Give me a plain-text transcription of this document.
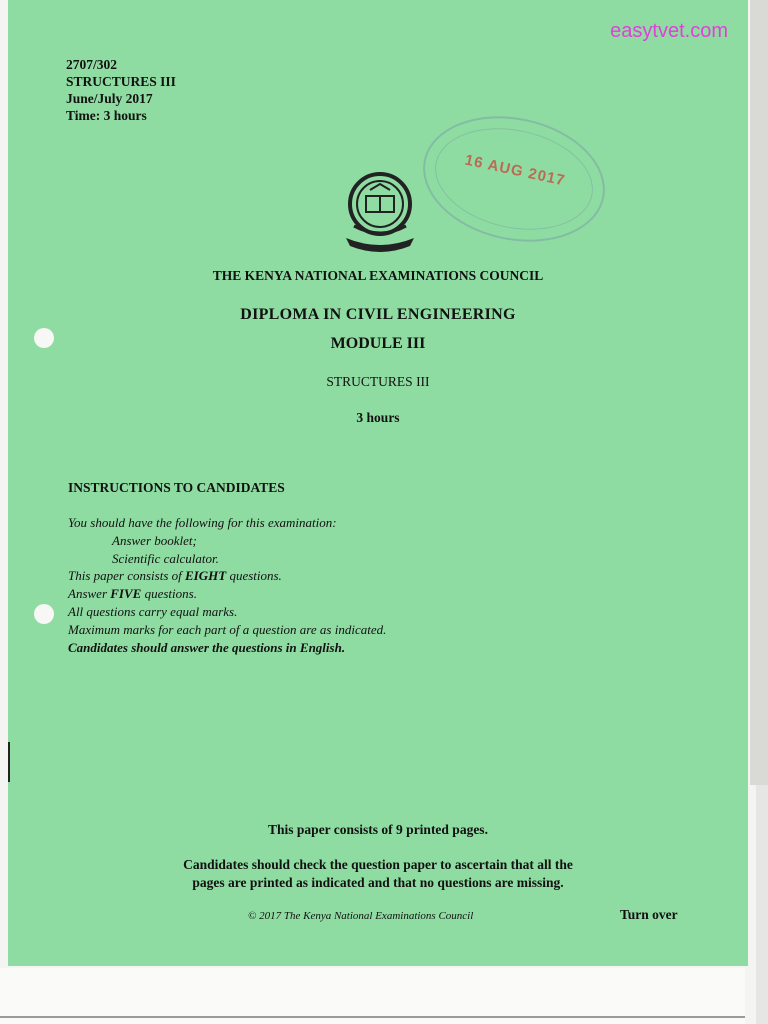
easytvet.com
2707/302
STRUCTURES III
June/July 2017
Time: 3 hours
16 AUG 2017
THE KENYA NATIONAL EXAMINATIONS COUNCIL
DIPLOMA IN CIVIL ENGINEERING
MODULE III
STRUCTURES III
3 hours
INSTRUCTIONS TO CANDIDATES
You should have the following for this examination:
Answer booklet;
Scientific calculator.
This paper consists of EIGHT questions.
Answer FIVE questions.
All questions carry equal marks.
Maximum marks for each part of a question are as indicated.
Candidates should answer the questions in English.
This paper consists of 9 printed pages.
Candidates should check the question paper to ascertain that all the
pages are printed as indicated and that no questions are missing.
© 2017 The Kenya National Examinations Council	Turn over
